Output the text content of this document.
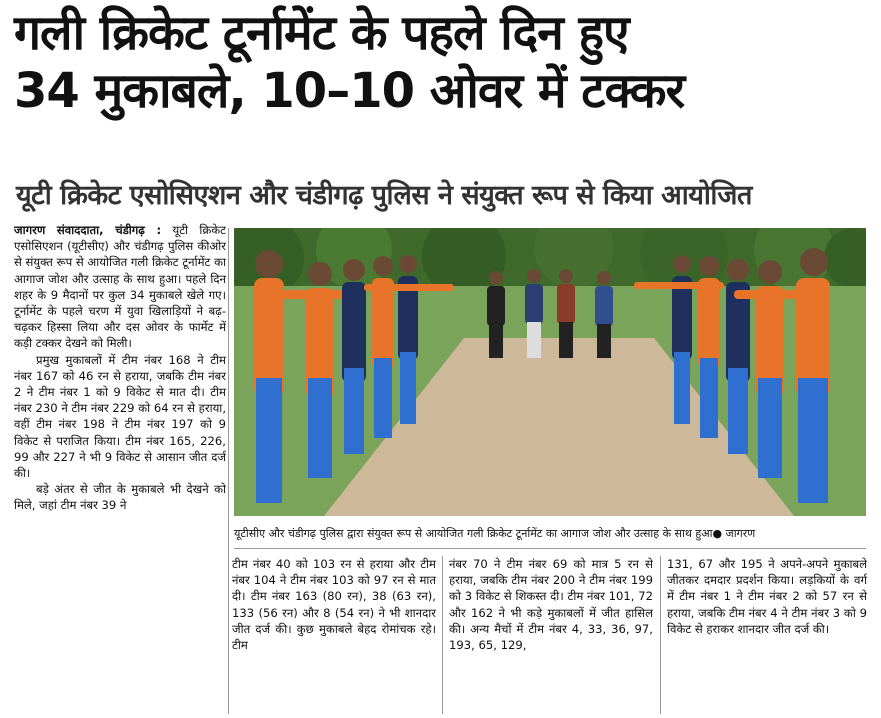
गली क्रिकेट टूर्नामेंट के पहले दिन हुए
34 मुकाबले, 10–10 ओवर में टक्कर
यूटी क्रिकेट एसोसिएशन और चंडीगढ़ पुलिस ने संयुक्त रूप से किया आयोजित

जागरण संवाददाता, चंडीगढ़ : यूटी क्रिकेट एसोसिएशन (यूटीसीए) और चंडीगढ़ पुलिस कीओर से संयुक्त रूप से आयोजित गली क्रिकेट टूर्नामेंट का आगाज जोश और उत्साह के साथ हुआ। पहले दिन शहर के 9 मैदानों पर कुल 34 मुकाबले खेले गए। टूर्नामेंट के पहले चरण में युवा खिलाड़ियों ने बढ़-चढ़कर हिस्सा लिया और दस ओवर के फार्मेट में कड़ी टक्कर देखने को मिली।

प्रमुख मुकाबलों में टीम नंबर 168 ने टीम नंबर 167 को 46 रन से हराया, जबकि टीम नंबर 2 ने टीम नंबर 1 को 9 विकेट से मात दी। टीम नंबर 230 ने टीम नंबर 229 को 64 रन से हराया, वहीं टीम नंबर 198 ने टीम नंबर 197 को 9 विकेट से पराजित किया। टीम नंबर 165, 226, 99 और 227 ने भी 9 विकेट से आसान जीत दर्ज की।

बड़े अंतर से जीत के मुकाबले भी देखने को मिले, जहां टीम नंबर 39 ने

यूटीसीए और चंडीगढ़ पुलिस द्वारा संयुक्त रूप से आयोजित गली क्रिकेट टूर्नामेंट का आगाज जोश और उत्साह के साथ हुआ● जागरण

टीम नंबर 40 को 103 रन से हराया और टीम नंबर 104 ने टीम नंबर 103 को 97 रन से मात दी। टीम नंबर 163 (80 रन), 38 (63 रन), 133 (56 रन) और 8 (54 रन) ने भी शानदार जीत दर्ज की। कुछ मुकाबले बेहद रोमांचक रहे। टीम

नंबर 70 ने टीम नंबर 69 को मात्र 5 रन से हराया, जबकि टीम नंबर 200 ने टीम नंबर 199 को 3 विकेट से शिकस्त दी। टीम नंबर 101, 72 और 162 ने भी कड़े मुकाबलों में जीत हासिल की। अन्य मैचों में टीम नंबर 4, 33, 36, 97, 193, 65, 129,

131, 67 और 195 ने अपने-अपने मुकाबले जीतकर दमदार प्रदर्शन किया। लड़कियों के वर्ग में टीम नंबर 1 ने टीम नंबर 2 को 57 रन से हराया, जबकि टीम नंबर 4 ने टीम नंबर 3 को 9 विकेट से हराकर शानदार जीत दर्ज की।
